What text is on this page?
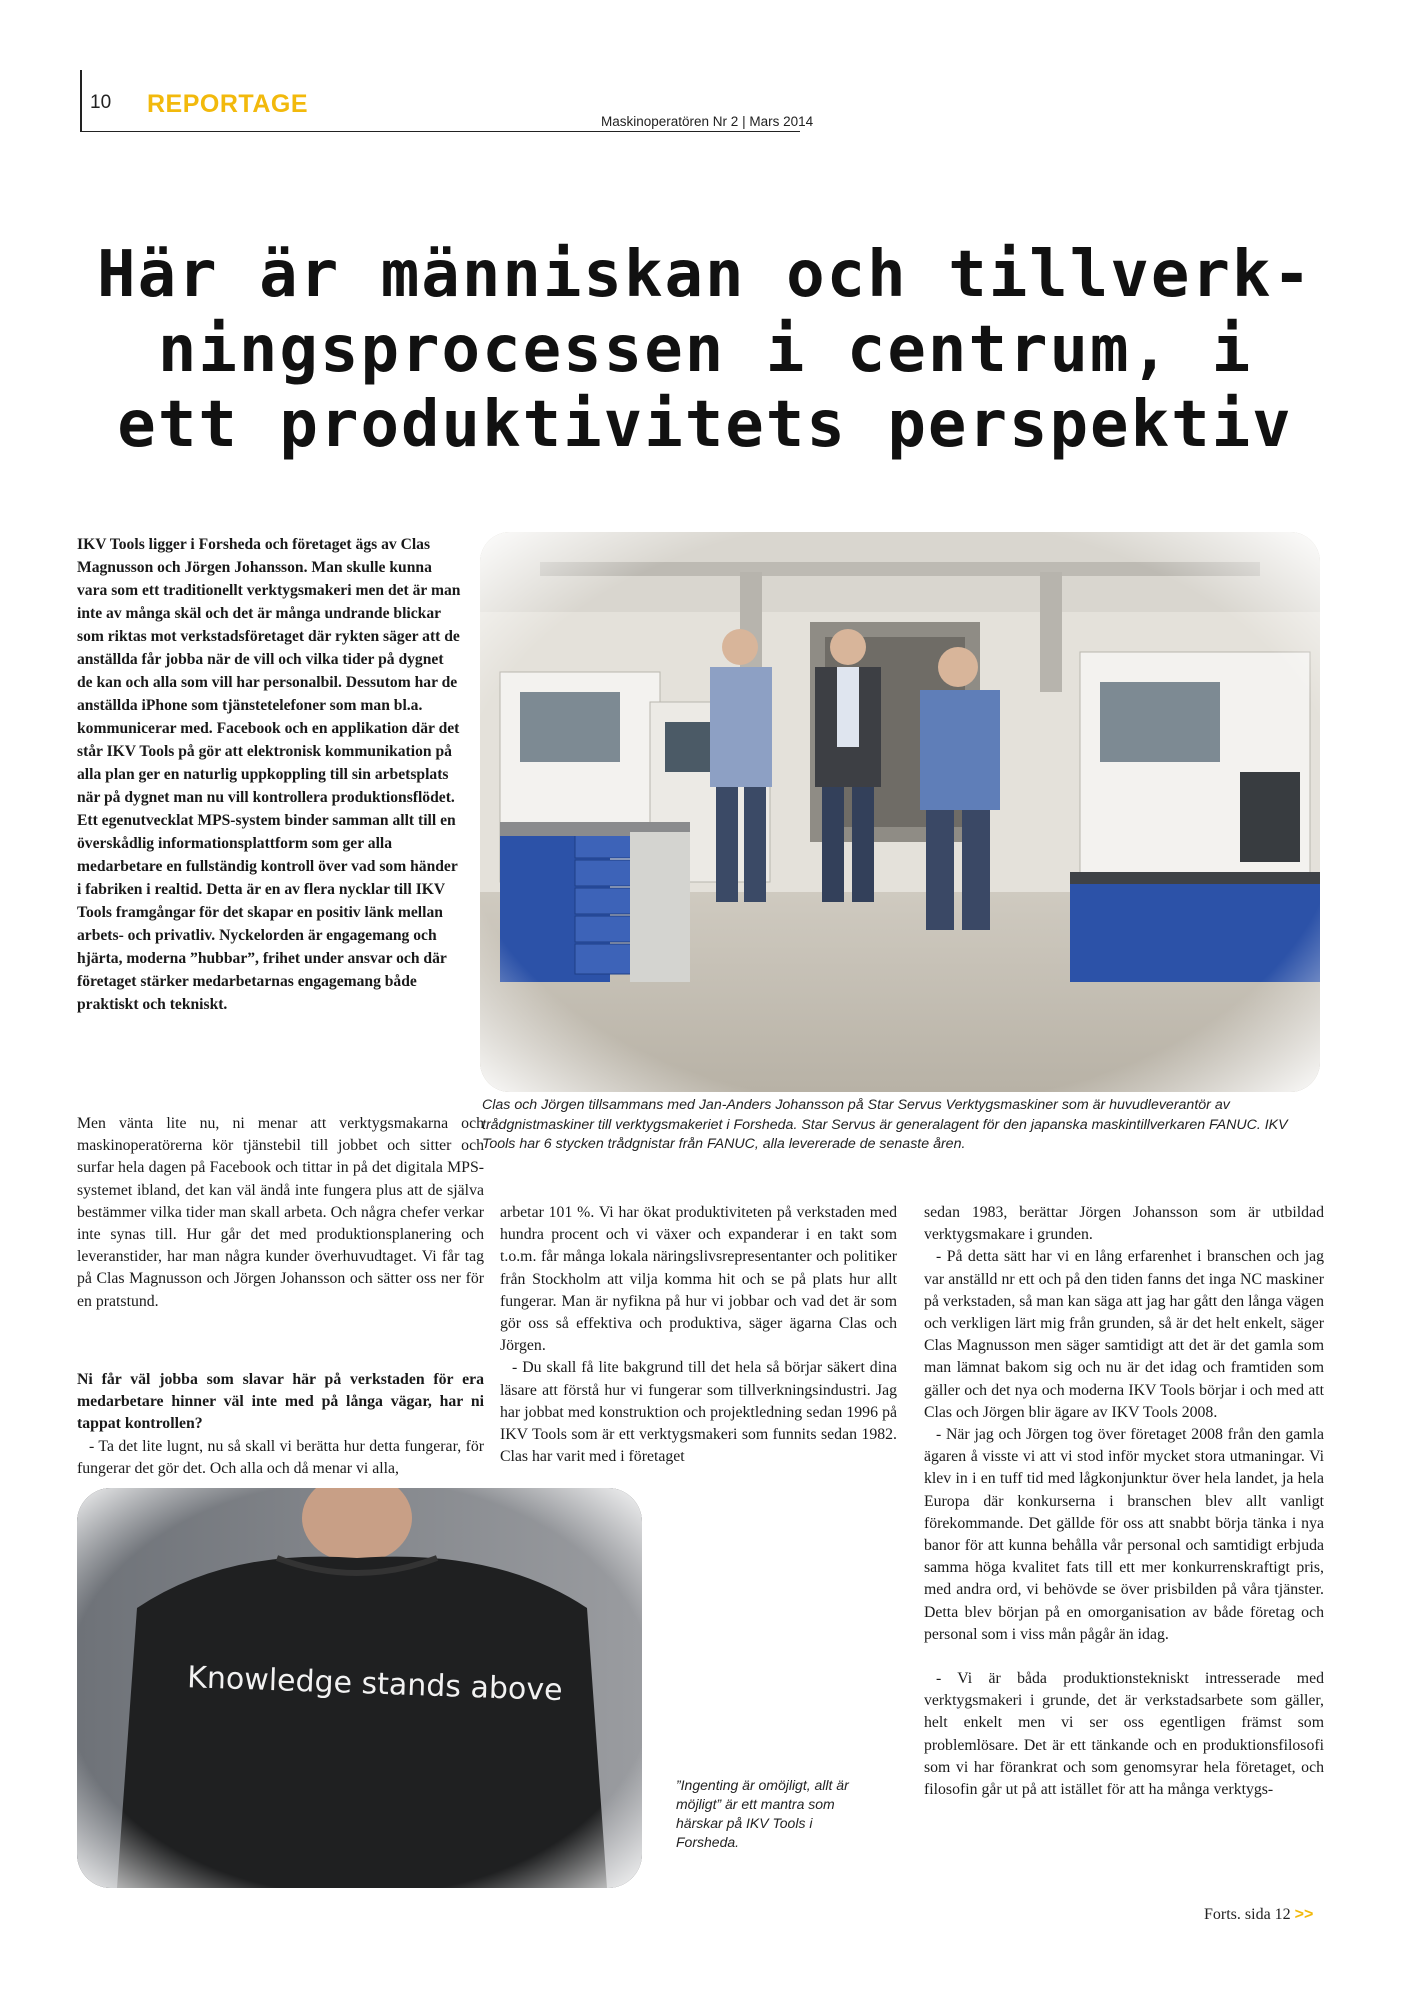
10 REPORTAGE
Maskinoperatören Nr 2 | Mars 2014
Här är människan och tillverk-
ningsprocessen i centrum, i
ett produktivitets perspektiv

IKV Tools ligger i Forsheda och företaget ägs av Clas Magnusson och Jörgen Johansson. Man skulle kunna vara som ett traditionellt verktygsmakeri men det är man inte av många skäl och det är många undrande blickar som riktas mot verkstadsföretaget där rykten säger att de anställda får jobba när de vill och vilka tider på dygnet de kan och alla som vill har personalbil. Dessutom har de anställda iPhone som tjänstetelefoner som man bl.a. kommunicerar med. Facebook och en applikation där det står IKV Tools på gör att elektronisk kommunikation på alla plan ger en naturlig uppkoppling till sin arbetsplats när på dygnet man nu vill kontrollera produktionsflödet. Ett egenutvecklat MPS-system binder samman allt till en överskådlig informationsplattform som ger alla medarbetare en fullständig kontroll över vad som händer i fabriken i realtid. Detta är en av flera nycklar till IKV Tools framgångar för det skapar en positiv länk mellan arbets- och privatliv. Nyckelorden är engagemang och hjärta, moderna ”hubbar”, frihet under ansvar och där företaget stärker medarbetarnas engagemang både praktiskt och tekniskt.

Clas och Jörgen tillsammans med Jan-Anders Johansson på Star Servus Verktygsmaskiner som är huvudleverantör av trådgnistmaskiner till verktygsmakeriet i Forsheda. Star Servus är generalagent för den japanska maskintillverkaren FANUC. IKV Tools har 6 stycken trådgnistar från FANUC, alla levererade de senaste åren.

Men vänta lite nu, ni menar att verktygsmakarna och maskinoperatörerna kör tjänstebil till jobbet och sitter och surfar hela dagen på Facebook och tittar in på det digitala MPS-systemet ibland, det kan väl ändå inte fungera plus att de själva bestämmer vilka tider man skall arbeta. Och några chefer verkar inte synas till. Hur går det med produktionsplanering och leveranstider, har man några kunder överhuvudtaget. Vi får tag på Clas Magnusson och Jörgen Johansson och sätter oss ner för en pratstund.

Ni får väl jobba som slavar här på verkstaden för era medarbetare hinner väl inte med på långa vägar, har ni tappat kontrollen?

- Ta det lite lugnt, nu så skall vi berätta hur detta fungerar, för fungerar det gör det. Och alla och då menar vi alla,

arbetar 101 %. Vi har ökat produktiviteten på verkstaden med hundra procent och vi växer och expanderar i en takt som t.o.m. får många lokala näringslivsrepresentanter och politiker från Stockholm att vilja komma hit och se på plats hur allt fungerar. Man är nyfikna på hur vi jobbar och vad det är som gör oss så effektiva och produktiva, säger ägarna Clas och Jörgen.

- Du skall få lite bakgrund till det hela så börjar säkert dina läsare att förstå hur vi fungerar som tillverkningsindustri. Jag har jobbat med konstruktion och projektledning sedan 1996 på IKV Tools som är ett verktygsmakeri som funnits sedan 1982. Clas har varit med i företaget

sedan 1983, berättar Jörgen Johansson som är utbildad verktygsmakare i grunden.

- På detta sätt har vi en lång erfarenhet i branschen och jag var anställd nr ett och på den tiden fanns det inga NC maskiner på verkstaden, så man kan säga att jag har gått den långa vägen och verkligen lärt mig från grunden, så är det helt enkelt, säger Clas Magnusson men säger samtidigt att det är det gamla som man lämnat bakom sig och nu är det idag och framtiden som gäller och det nya och moderna IKV Tools börjar i och med att Clas och Jörgen blir ägare av IKV Tools 2008.

- När jag och Jörgen tog över företaget 2008 från den gamla ägaren å visste vi att vi stod inför mycket stora utmaningar. Vi klev in i en tuff tid med lågkonjunktur över hela landet, ja hela Europa där konkurserna i branschen blev allt vanligt förekommande. Det gällde för oss att snabbt börja tänka i nya banor för att kunna behålla vår personal och samtidigt erbjuda samma höga kvalitet fats till ett mer konkurrenskraftigt pris, med andra ord, vi behövde se över prisbilden på våra tjänster. Detta blev början på en omorganisation av både företag och personal som i viss mån pågår än idag.

- Vi är båda produktionstekniskt intresserade med verktygsmakeri i grunde, det är verkstadsarbete som gäller, helt enkelt men vi ser oss egentligen främst som problemlösare. Det är ett tänkande och en produktionsfilosofi som vi har förankrat och som genomsyrar hela företaget, och filosofin går ut på att istället för att ha många verktygs-

”Ingenting är omöjligt, allt är möjligt” är ett mantra som härskar på IKV Tools i Forsheda.
Forts. sida 12 >>
